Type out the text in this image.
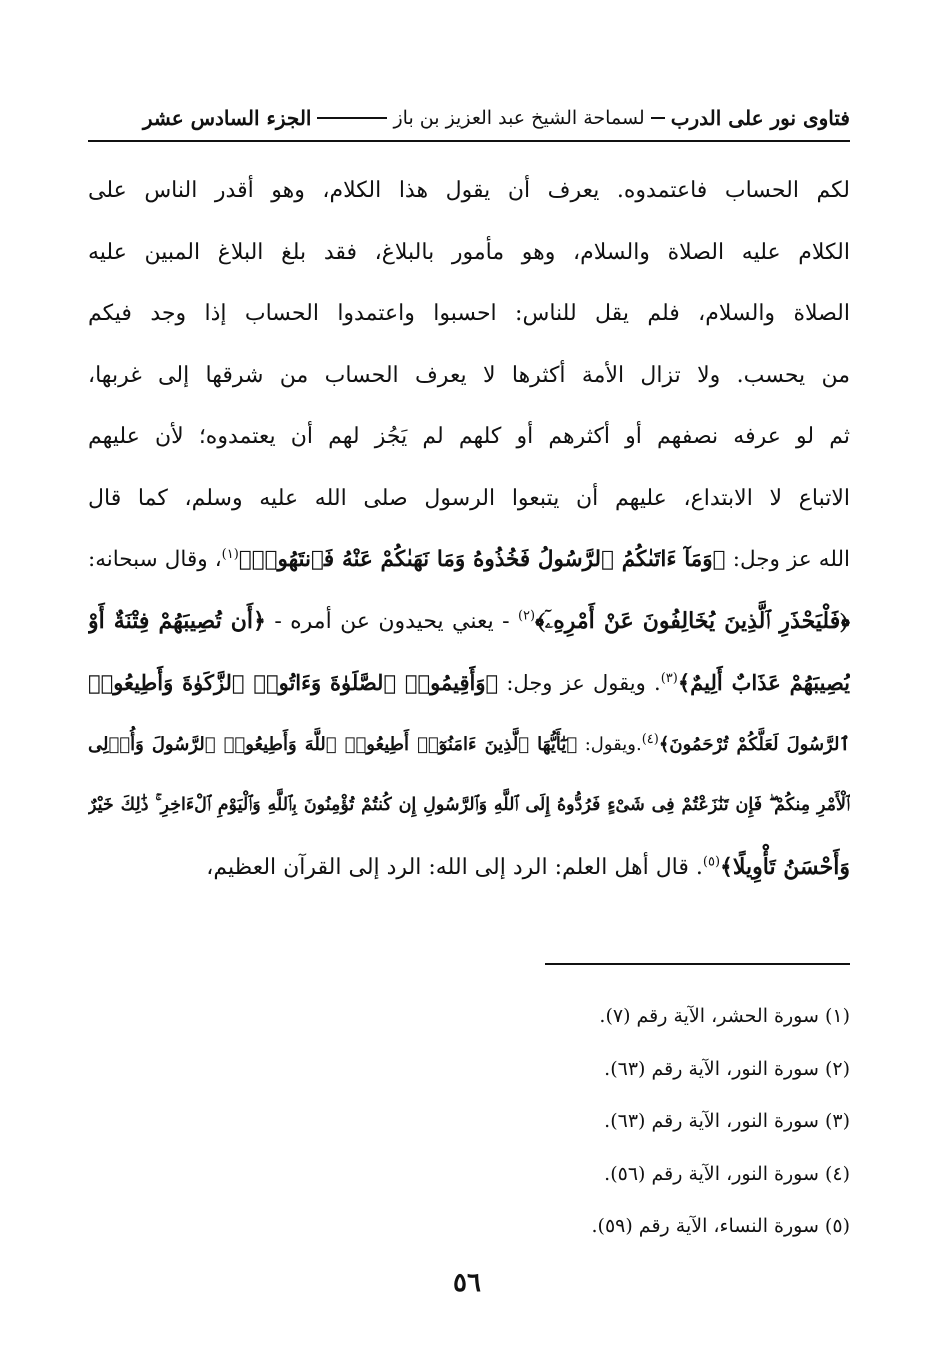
فتاوى نور على الدرب
لسماحة الشيخ عبد العزيز بن باز
الجزء السادس عشر
لكم الحساب فاعتمدوه. يعرف أن يقول هذا الكلام، وهو أقدر الناس على
الكلام عليه الصلاة والسلام، وهو مأمور بالبلاغ، فقد بلغ البلاغ المبين عليه
الصلاة والسلام، فلم يقل للناس: احسبوا واعتمدوا الحساب إذا وجد فيكم
من يحسب. ولا تزال الأمة أكثرها لا يعرف الحساب من شرقها إلى غربها،
ثم لو عرفه نصفهم أو أكثرهم أو كلهم لم يَجُز لهم أن يعتمدوه؛ لأن عليهم
الاتباع لا الابتداع، عليهم أن يتبعوا الرسول صلى الله عليه وسلم، كما قال
الله عز وجل: ﴿وَمَآ ءَاتَىٰكُمُ ٱلرَّسُولُ فَخُذُوهُ وَمَا نَهَىٰكُمْ عَنْهُ فَٱنتَهُوا۟﴾$^{(١)}$، وقال سبحانه:
﴿فَلْيَحْذَرِ ٱلَّذِينَ يُخَالِفُونَ عَنْ أَمْرِهِۦٓ﴾$^{(٢)}$ - يعني يحيدون عن أمره - ﴿أَن تُصِيبَهُمْ فِتْنَةٌ أَوْ
يُصِيبَهُمْ عَذَابٌ أَلِيمٌ﴾$^{(٣)}$. ويقول عز وجل: ﴿وَأَقِيمُوا۟ ٱلصَّلَوٰةَ وَءَاتُوا۟ ٱلزَّكَوٰةَ وَأَطِيعُوا۟
ٱلرَّسُولَ لَعَلَّكُمْ تُرْحَمُونَ﴾$^{(٤)}$.ويقول: ﴿يَٰٓأَيُّهَا ٱلَّذِينَ ءَامَنُوٓا۟ أَطِيعُوا۟ ٱللَّهَ وَأَطِيعُوا۟ ٱلرَّسُولَ وَأُو۟لِى
ٱلْأَمْرِ مِنكُمْ ۖ فَإِن تَنَٰزَعْتُمْ فِى شَىْءٍ فَرُدُّوهُ إِلَى ٱللَّهِ وَٱلرَّسُولِ إِن كُنتُمْ تُؤْمِنُونَ بِٱللَّهِ وَٱلْيَوْمِ ٱلْءَاخِرِ ۚ ذَٰلِكَ خَيْرٌ
وَأَحْسَنُ تَأْوِيلًا﴾$^{(٥)}$. قال أهل العلم: الرد إلى الله: الرد إلى القرآن العظيم،
(١) سورة الحشر، الآية رقم (٧).
(٢) سورة النور، الآية رقم (٦٣).
(٣) سورة النور، الآية رقم (٦٣).
(٤) سورة النور، الآية رقم (٥٦).
(٥) سورة النساء، الآية رقم (٥٩).
٥٦
